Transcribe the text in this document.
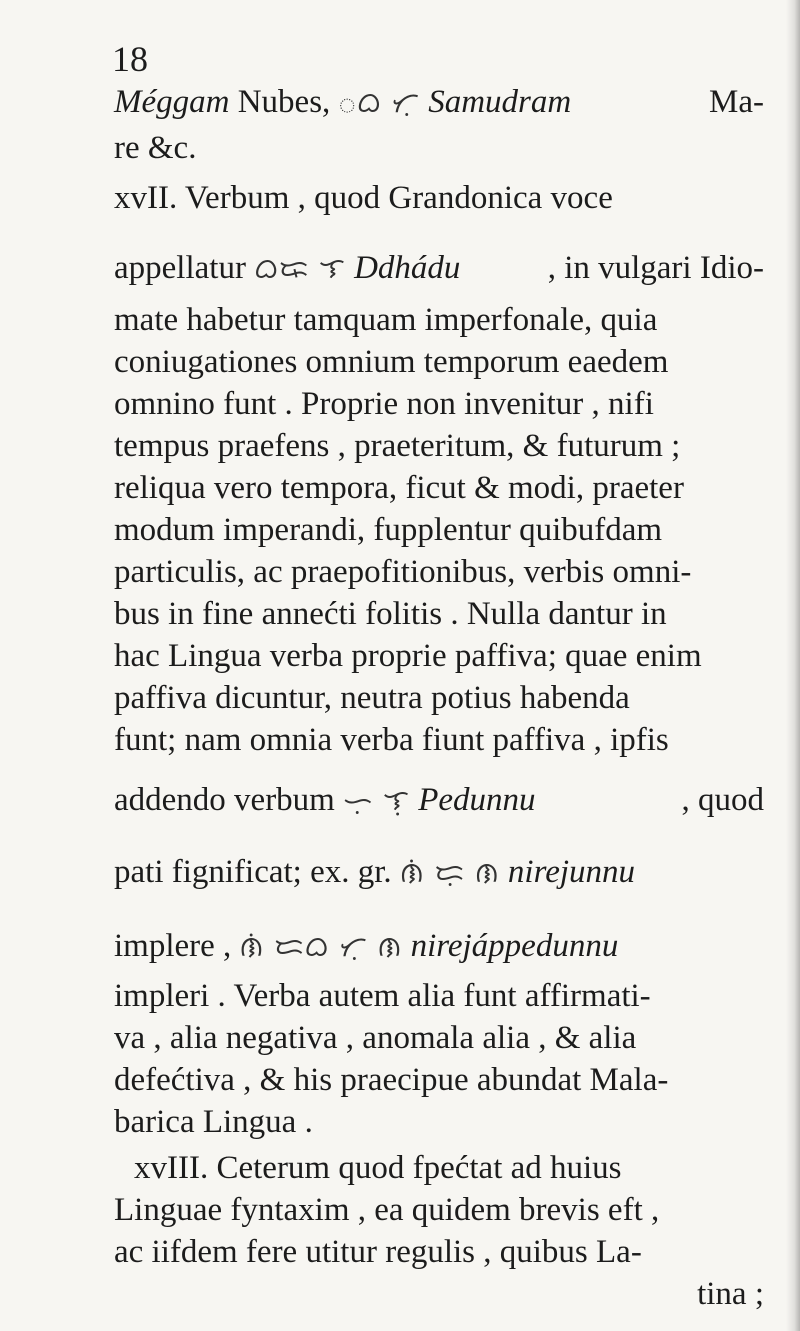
18
Méggam Nubes, ᜀᜊ ᜆᜓ Samudram	Ma-
re &c.
xvII. Verbum , quod Grandonica voce
appellatur ᜊᜍ ᜎ Ddhádu	, in vulgari Idio-
mate habetur tamquam imperfonale, quia
coniugationes omnium temporum eaedem
omnino funt . Proprie non invenitur , nifi
tempus praefens , praeteritum, & futurum ;
reliqua vero tempora, ficut & modi, praeter
modum imperandi, fupplentur quibufdam
particulis, ac praepofitionibus, verbis omni-
bus in fine annećti folitis . Nulla dantur in
hac Lingua verba proprie paffiva; quae enim
paffiva dicuntur, neutra potius habenda
funt; nam omnia verba fiunt paffiva , ipfis
addendo verbum ᜑᜓ ᜎᜓ Pedunnu	, quod
pati fignificat; ex. gr. ᜈᜒ ᜇᜓ ᜈ nirejunnu
implere , ᜈᜒ ᜇᜊ ᜆᜓ ᜈ nirejáppedunnu
impleri . Verba autem alia funt affirmati-
va , alia negativa , anomala alia , & alia
defećtiva , & his praecipue abundat Mala-
barica Lingua .
xvIII. Ceterum quod fpećtat ad huius
Linguae fyntaxim , ea quidem brevis eft ,
ac iifdem fere utitur regulis , quibus La-
tina ;
